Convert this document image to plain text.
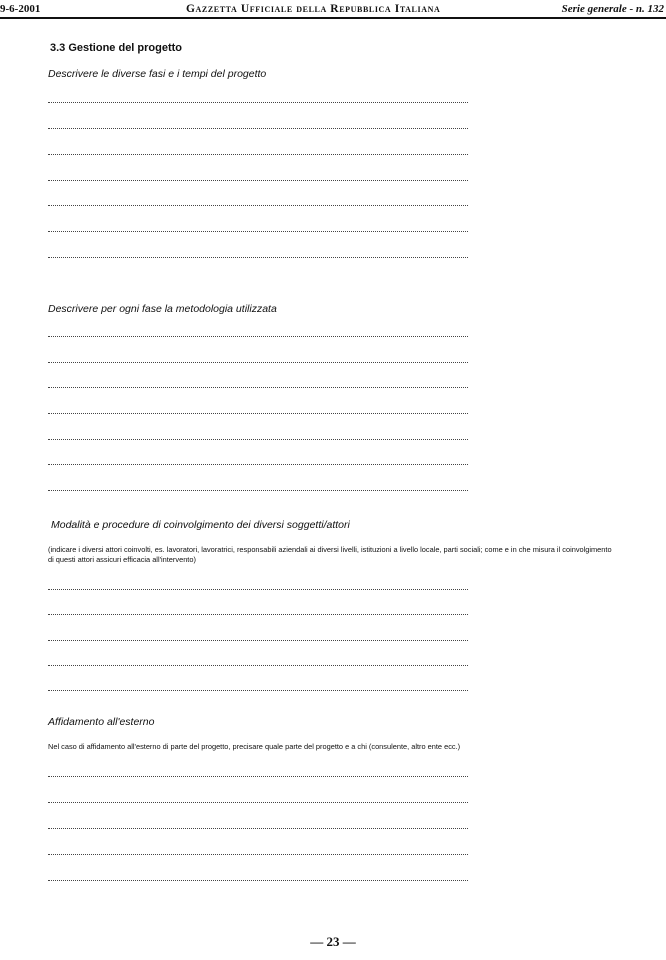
9-6-2001	Gazzetta Ufficiale della Repubblica Italiana	Serie generale - n. 132
3.3 Gestione del progetto
Descrivere le diverse fasi e i tempi del progetto
Descrivere per ogni fase la metodologia utilizzata
Modalità e procedure di coinvolgimento dei diversi soggetti/attori
(indicare i diversi attori coinvolti, es. lavoratori, lavoratrici, responsabili aziendali ai diversi livelli, istituzioni a livello locale, parti sociali; come e in che misura il coinvolgimento di questi attori assicuri efficacia all'intervento)
Affidamento all'esterno
Nel caso di affidamento all'esterno di parte del progetto, precisare quale parte del progetto e a chi (consulente, altro ente ecc.)
— 23 —
